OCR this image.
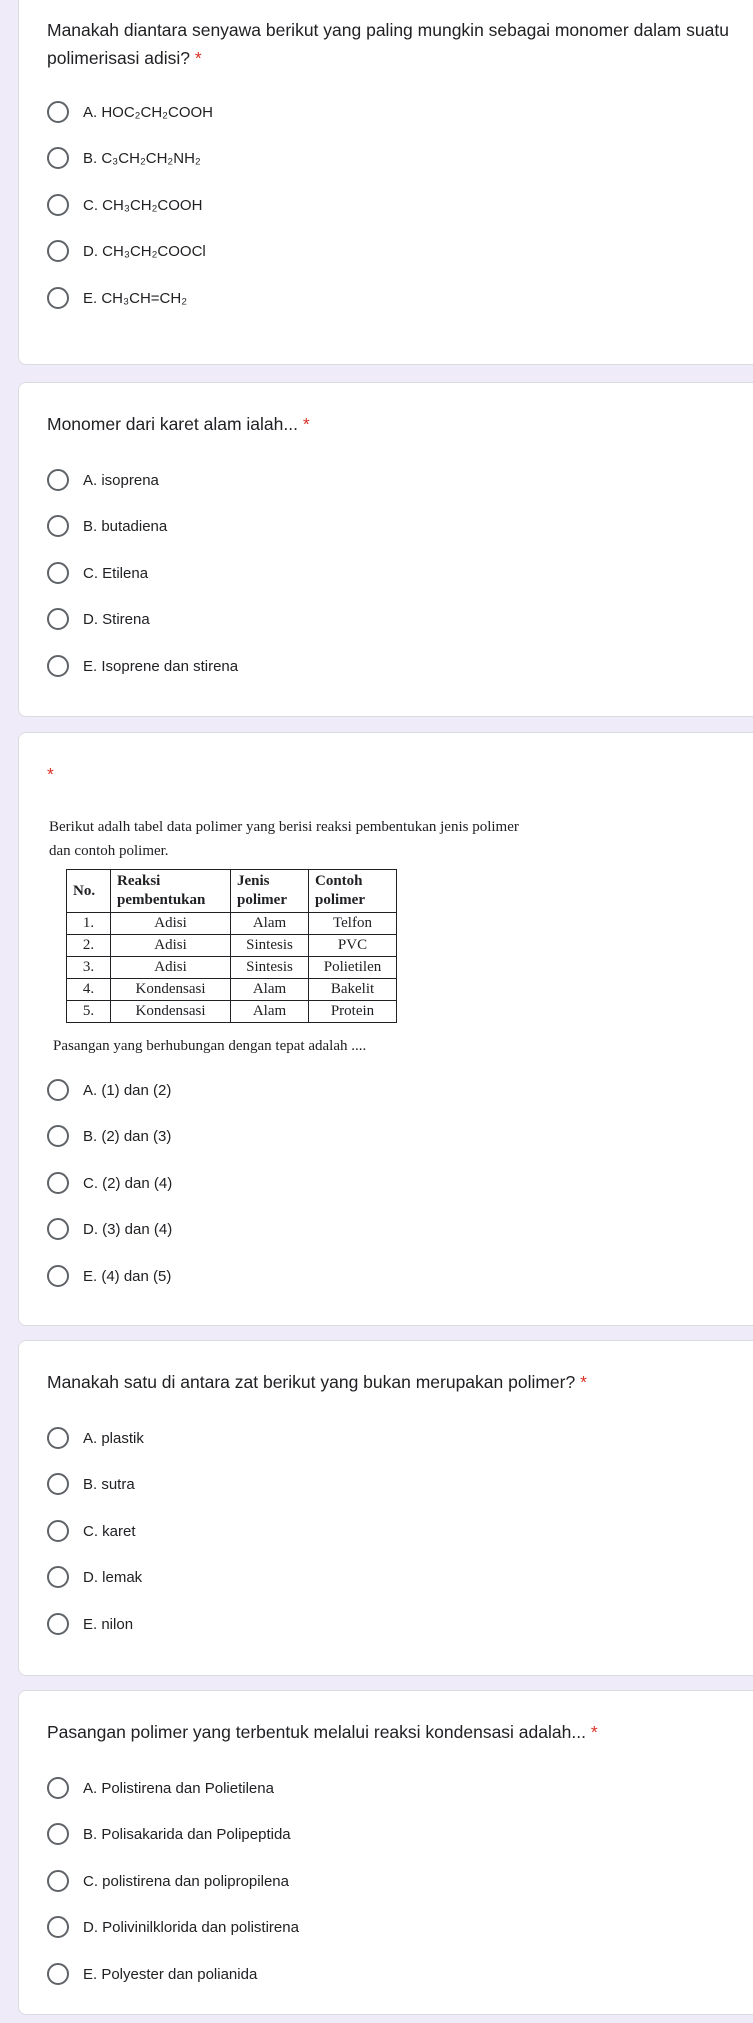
Manakah diantara senyawa berikut yang paling mungkin sebagai monomer dalam suatu polimerisasi adisi? *
A. HOC₂CH₂COOH
B. C₃CH₂CH₂NH₂
C. CH₃CH₂COOH
D. CH₃CH₂COOCl
E. CH₃CH=CH₂
Monomer dari karet alam ialah... *
A. isoprena
B. butadiena
C. Etilena
D. Stirena
E. Isoprene dan stirena
*
Berikut adalh tabel data polimer yang berisi reaksi pembentukan jenis polimer
dan contoh polimer.
No.	Reaksi pembentukan	Jenis polimer	Contoh polimer
1.	Adisi	Alam	Telfon
2.	Adisi	Sintesis	PVC
3.	Adisi	Sintesis	Polietilen
4.	Kondensasi	Alam	Bakelit
5.	Kondensasi	Alam	Protein
Pasangan yang berhubungan dengan tepat adalah ....
A. (1) dan (2)
B. (2) dan (3)
C. (2) dan (4)
D. (3) dan (4)
E. (4) dan (5)
Manakah satu di antara zat berikut yang bukan merupakan polimer? *
A. plastik
B. sutra
C. karet
D. lemak
E. nilon
Pasangan polimer yang terbentuk melalui reaksi kondensasi adalah... *
A. Polistirena dan Polietilena
B. Polisakarida dan Polipeptida
C. polistirena dan polipropilena
D. Polivinilklorida dan polistirena
E. Polyester dan polianida
